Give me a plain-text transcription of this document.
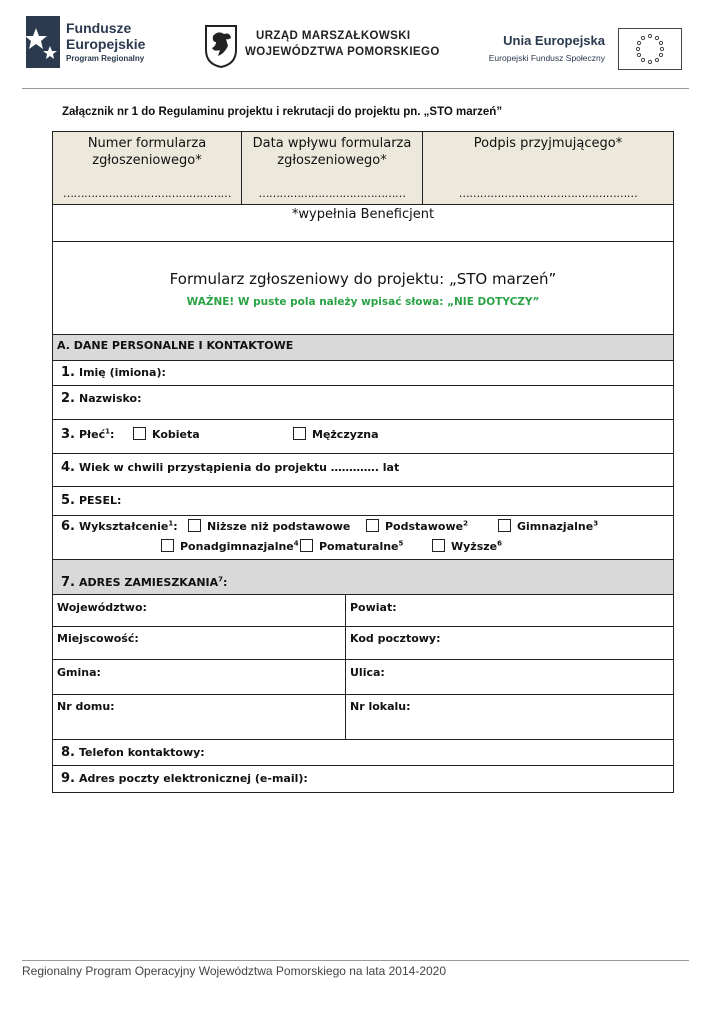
Fundusze
Europejskie
Program Regionalny
URZĄD MARSZAŁKOWSKI
WOJEWÓDZTWA POMORSKIEGO
Unia Europejska
Europejski Fundusz Społeczny
Załącznik nr 1 do Regulaminu projektu i rekrutacji do projektu pn. „STO marzeń”
Numer formularza zgłoszeniowego*
…………………………………………
Data wpływu formularza zgłoszeniowego*
……………………………………
Podpis przyjmującego*
……………………………………………
*wypełnia Beneficjent
Formularz zgłoszeniowy do projektu: „STO marzeń”
WAŻNE! W puste pola należy wpisać słowa: „NIE DOTYCZY”
A. DANE PERSONALNE I KONTAKTOWE
1. Imię (imiona):
2. Nazwisko:
3. Płeć$^1$:	Kobieta	Mężczyzna
4. Wiek w chwili przystąpienia do projektu …………. lat
5. PESEL:
6. Wykształcenie$^1$:	Niższe niż podstawowe	Podstawowe$^2$	Gimnazjalne$^3$
Ponadgimnazjalne$^4$	Pomaturalne$^5$	Wyższe$^6$
7. ADRES ZAMIESZKANIA$^7$:
Województwo:	Powiat:
Miejscowość:	Kod pocztowy:
Gmina:	Ulica:
Nr domu:	Nr lokalu:
8. Telefon kontaktowy:
9. Adres poczty elektronicznej (e-mail):
Regionalny Program Operacyjny Województwa Pomorskiego na lata 2014-2020
